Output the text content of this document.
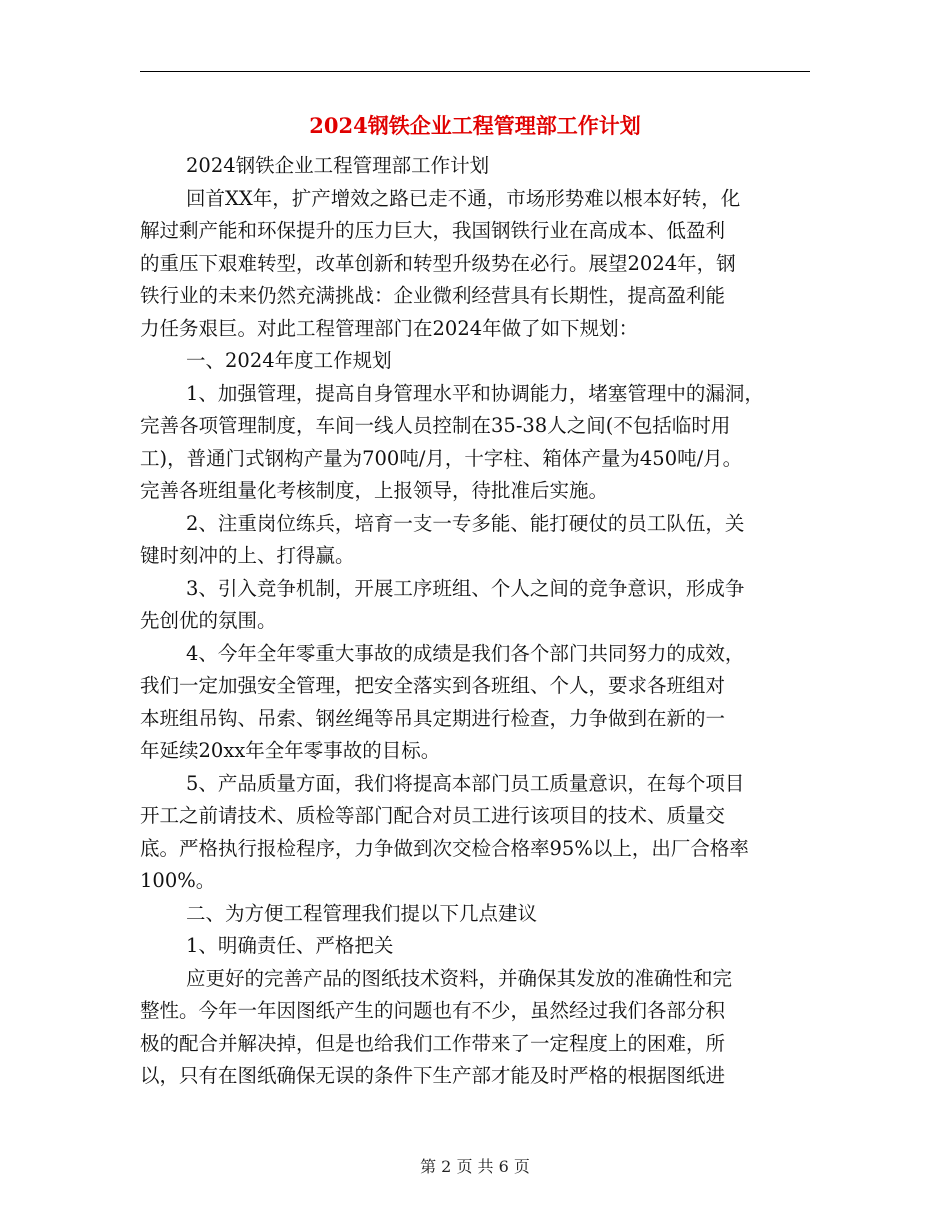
2024钢铁企业工程管理部工作计划
2024钢铁企业工程管理部工作计划
回首XX年，扩产增效之路已走不通，市场形势难以根本好转，化
解过剩产能和环保提升的压力巨大，我国钢铁行业在高成本、低盈利
的重压下艰难转型，改革创新和转型升级势在必行。展望2024年，钢
铁行业的未来仍然充满挑战：企业微利经营具有长期性，提高盈利能
力任务艰巨。对此工程管理部门在2024年做了如下规划：
一、2024年度工作规划
1、加强管理，提高自身管理水平和协调能力，堵塞管理中的漏洞，
完善各项管理制度，车间一线人员控制在35-38人之间(不包括临时用
工)，普通门式钢构产量为700吨/月，十字柱、箱体产量为450吨/月。
完善各班组量化考核制度，上报领导，待批准后实施。
2、注重岗位练兵，培育一支一专多能、能打硬仗的员工队伍，关
键时刻冲的上、打得赢。
3、引入竞争机制，开展工序班组、个人之间的竞争意识，形成争
先创优的氛围。
4、今年全年零重大事故的成绩是我们各个部门共同努力的成效，
我们一定加强安全管理，把安全落实到各班组、个人，要求各班组对
本班组吊钩、吊索、钢丝绳等吊具定期进行检查，力争做到在新的一
年延续20xx年全年零事故的目标。
5、产品质量方面，我们将提高本部门员工质量意识，在每个项目
开工之前请技术、质检等部门配合对员工进行该项目的技术、质量交
底。严格执行报检程序，力争做到次交检合格率95%以上，出厂合格率
100%。
二、为方便工程管理我们提以下几点建议
1、明确责任、严格把关
应更好的完善产品的图纸技术资料，并确保其发放的准确性和完
整性。今年一年因图纸产生的问题也有不少，虽然经过我们各部分积
极的配合并解决掉，但是也给我们工作带来了一定程度上的困难，所
以，只有在图纸确保无误的条件下生产部才能及时严格的根据图纸进
第 2 页 共 6 页
